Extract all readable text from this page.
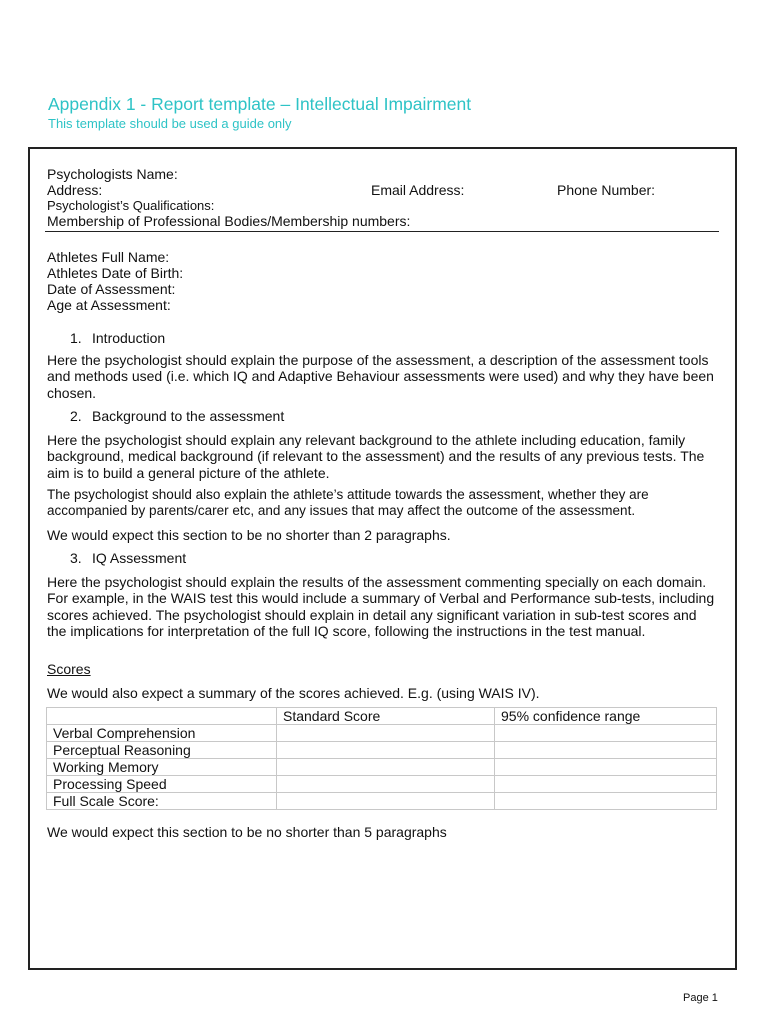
Appendix 1 - Report template – Intellectual Impairment
This template should be used a guide only
Psychologists Name:
Address:	Email Address:	Phone Number:
Psychologist’s Qualifications:
Membership of Professional Bodies/Membership numbers:
Athletes Full Name:
Athletes Date of Birth:
Date of Assessment:
Age at Assessment:
1. Introduction

Here the psychologist should explain the purpose of the assessment, a description of the assessment tools and methods used (i.e. which IQ and Adaptive Behaviour assessments were used) and why they have been chosen.

2. Background to the assessment

Here the psychologist should explain any relevant background to the athlete including education, family background, medical background (if relevant to the assessment) and the results of any previous tests. The aim is to build a general picture of the athlete.

The psychologist should also explain the athlete’s attitude towards the assessment, whether they are accompanied by parents/carer etc, and any issues that may affect the outcome of the assessment.

We would expect this section to be no shorter than 2 paragraphs.

3. IQ Assessment

Here the psychologist should explain the results of the assessment commenting specially on each domain. For example, in the WAIS test this would include a summary of Verbal and Performance sub-tests, including scores achieved. The psychologist should explain in detail any significant variation in sub-test scores and the implications for interpretation of the full IQ score, following the instructions in the test manual.

Scores
We would also expect a summary of the scores achieved. E.g. (using WAIS IV).
	Standard Score	95% confidence range
Verbal Comprehension		
Perceptual Reasoning		
Working Memory		
Processing Speed		
Full Scale Score:		
We would expect this section to be no shorter than 5 paragraphs
Page 1
